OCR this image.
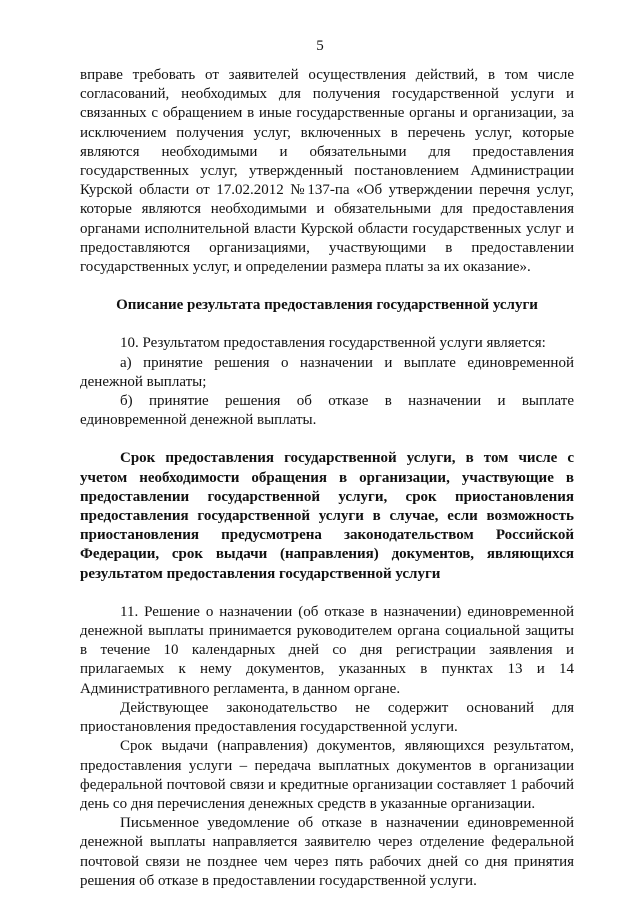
5

вправе требовать от заявителей осуществления действий, в том числе согласований, необходимых для получения государственной услуги и связанных с обращением в иные государственные органы и организации, за исключением получения услуг, включенных в перечень услуг, которые являются необходимыми и обязательными для предоставления государственных услуг, утвержденный постановлением Администрации Курской области от 17.02.2012 №137-па «Об утверждении перечня услуг, которые являются необходимыми и обязательными для предоставления органами исполнительной власти Курской области государственных услуг и предоставляются организациями, участвующими в предоставлении государственных услуг, и определении размера платы за их оказание».

Описание результата предоставления государственной услуги

10. Результатом предоставления государственной услуги является:

а) принятие решения о назначении и выплате единовременной денежной выплаты;

б) принятие решения об отказе в назначении и выплате единовременной денежной выплаты.

Срок предоставления государственной услуги, в том числе с учетом необходимости обращения в организации, участвующие в предоставлении государственной услуги, срок приостановления предоставления государственной услуги в случае, если возможность приостановления предусмотрена законодательством Российской Федерации, срок выдачи (направления) документов, являющихся результатом предоставления государственной услуги

11. Решение о назначении (об отказе в назначении) единовременной денежной выплаты принимается руководителем органа социальной защиты в течение 10 календарных дней со дня регистрации заявления и прилагаемых к нему документов, указанных в пунктах 13 и 14 Административного регламента, в данном органе.

Действующее законодательство не содержит оснований для приостановления предоставления государственной услуги.

Срок выдачи (направления) документов, являющихся результатом, предоставления услуги – передача выплатных документов в организации федеральной почтовой связи и кредитные организации составляет 1 рабочий день со дня перечисления денежных средств в указанные организации.

Письменное уведомление об отказе в назначении единовременной денежной выплаты направляется заявителю через отделение федеральной почтовой связи не позднее чем через пять рабочих дней со дня принятия решения об отказе в предоставлении государственной услуги.
